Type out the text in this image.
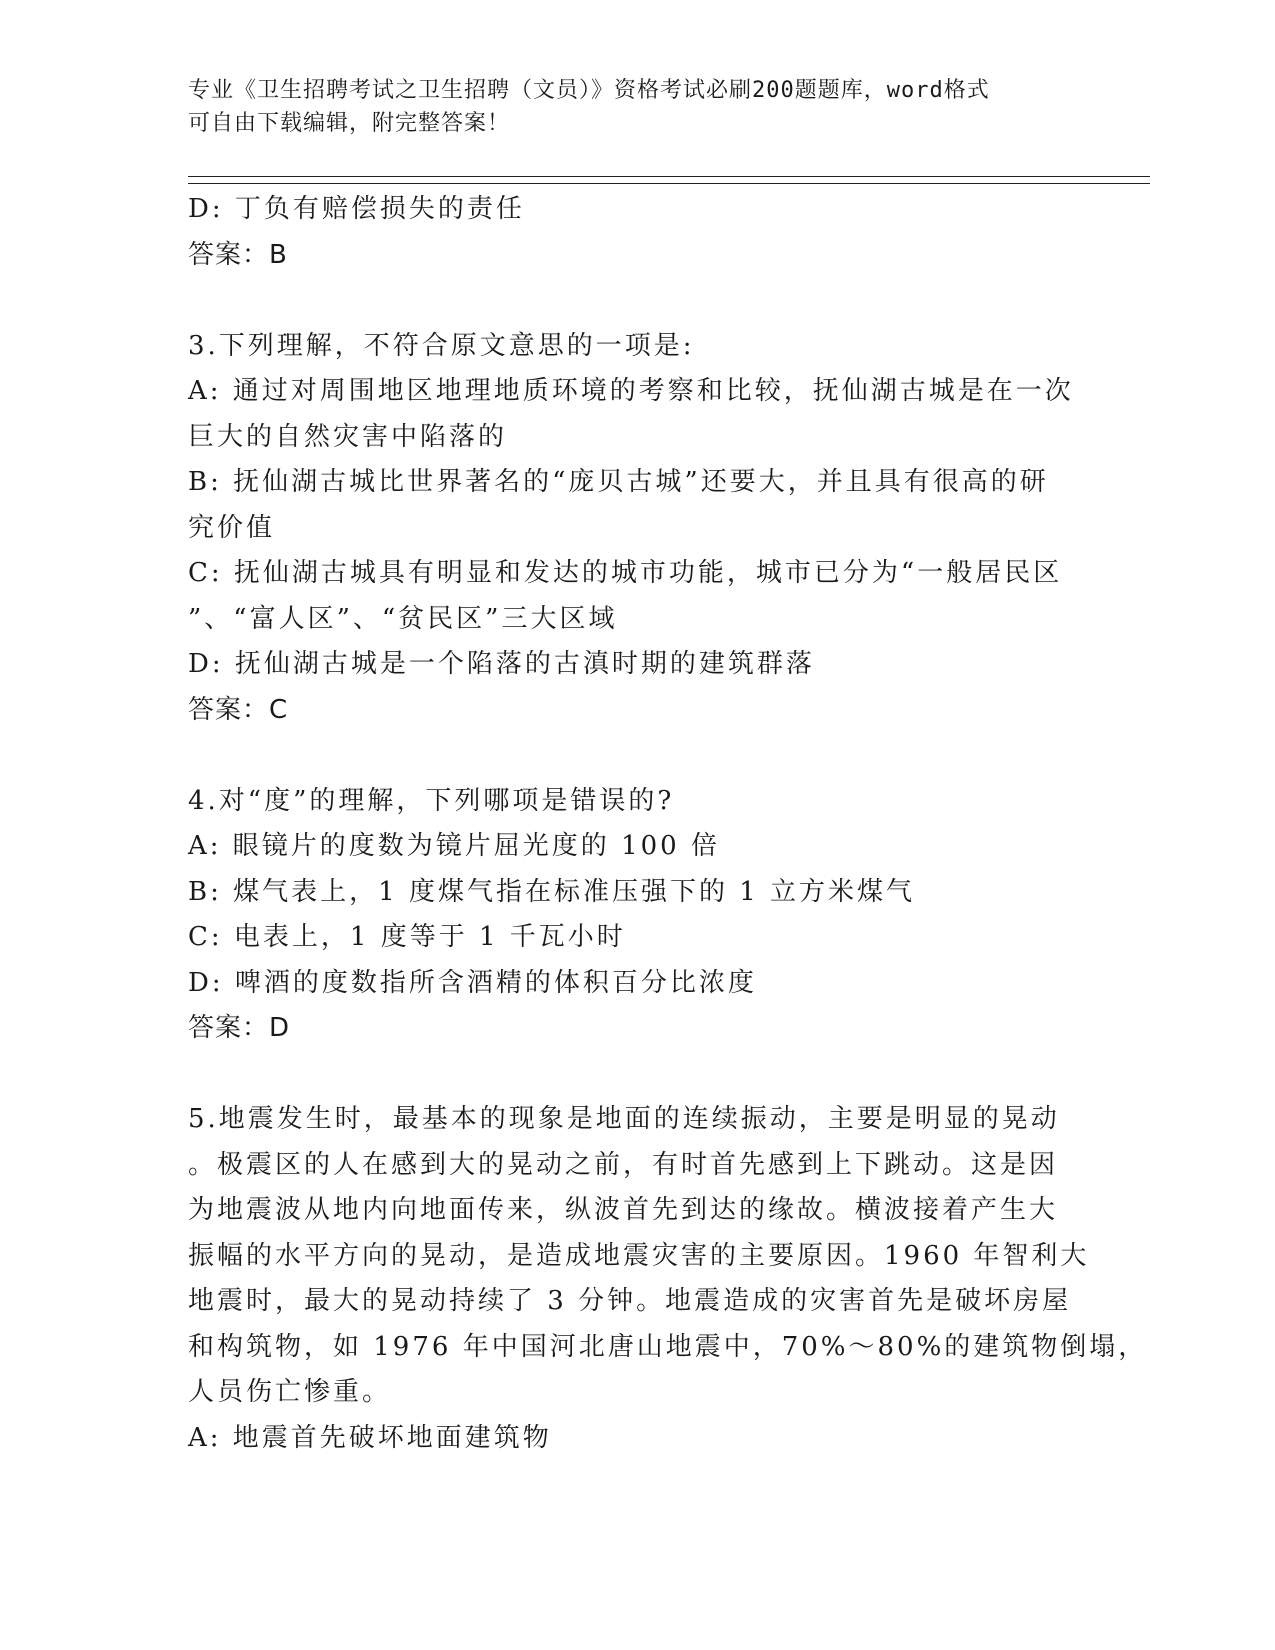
专业《卫生招聘考试之卫生招聘（文员）》资格考试必刷200题题库，word格式
可自由下载编辑，附完整答案！
D: 丁负有赔偿损失的责任
答案：B
3.下列理解，不符合原文意思的一项是:
A: 通过对周围地区地理地质环境的考察和比较，抚仙湖古城是在一次
巨大的自然灾害中陷落的
B: 抚仙湖古城比世界著名的“庞贝古城”还要大，并且具有很高的研
究价值
C: 抚仙湖古城具有明显和发达的城市功能，城市已分为“一般居民区
”、“富人区”、“贫民区”三大区域
D: 抚仙湖古城是一个陷落的古滇时期的建筑群落
答案：C
4.对“度”的理解，下列哪项是错误的?
A: 眼镜片的度数为镜片屈光度的 100 倍
B: 煤气表上，1 度煤气指在标准压强下的 1 立方米煤气
C: 电表上，1 度等于 1 千瓦小时
D: 啤酒的度数指所含酒精的体积百分比浓度
答案：D
5.地震发生时，最基本的现象是地面的连续振动，主要是明显的晃动
。极震区的人在感到大的晃动之前，有时首先感到上下跳动。这是因
为地震波从地内向地面传来，纵波首先到达的缘故。横波接着产生大
振幅的水平方向的晃动，是造成地震灾害的主要原因。1960 年智利大
地震时，最大的晃动持续了 3 分钟。地震造成的灾害首先是破坏房屋
和构筑物，如 1976 年中国河北唐山地震中，70%～80%的建筑物倒塌，
人员伤亡惨重。
A: 地震首先破坏地面建筑物
